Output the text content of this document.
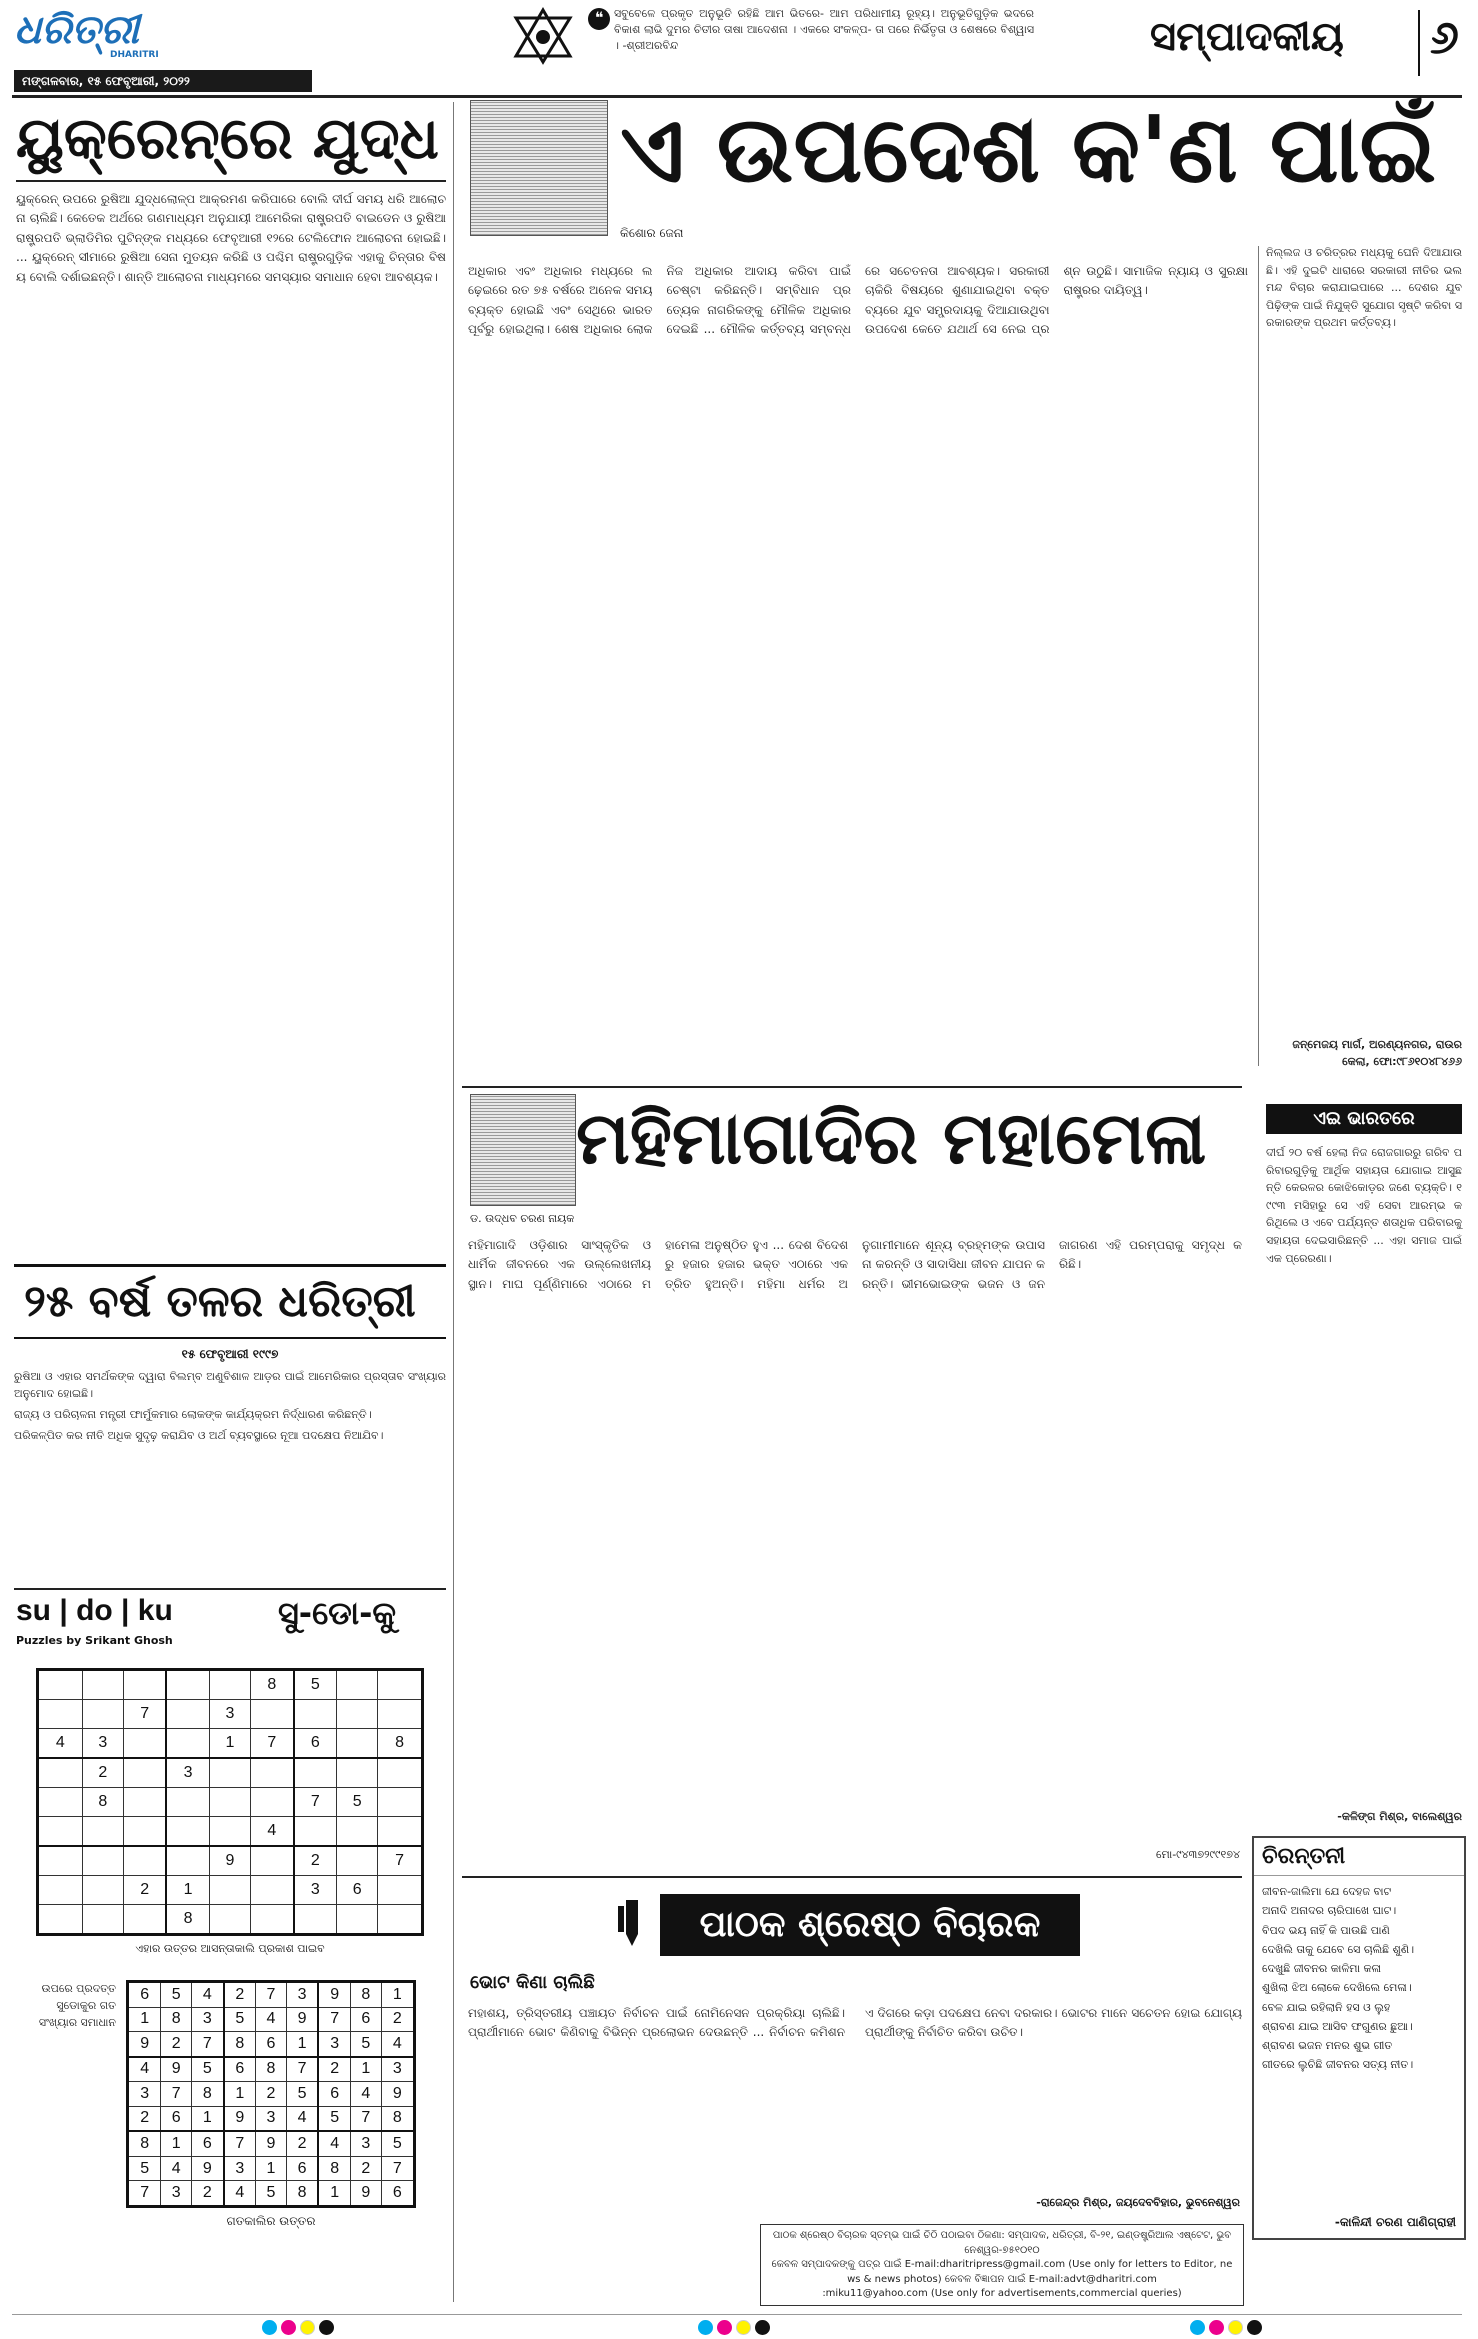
ଧରିତ୍ରୀ
DHARITRI
ମଙ୍ଗଳବାର, ୧୫ ଫେବୃଆରୀ, ୨୦୨୨
❝ ସବୁବେଳେ ପ୍ରକୃତ ଅନୁଭୂତି ରହିଛି ଆମ ଭିତରେ- ଆମ ପରିଧାମୀୟ ରୂହ୍ୟ। ଅନୁଭୂତିଗୁଡ଼ିକ ଭଦରେ ବିକାଶ ଲାଭି ଦୁମର ଚିତୀର ତାଷା ଆଦେଶନା । ଏକରେ ସଂକଳ୍ପ- ତା ପରେ ନିର୍ଭିତୃତା ଓ ଶେଷରେ ବିଶ୍ୱାସ। -ଶ୍ରୀଅରବିନ୍ଦ	ସମ୍ପାଦକୀୟ	୬
ୟୁକ୍ରେନ୍‌ରେ ଯୁଦ୍ଧ
ୟୁକ୍ରେନ୍ ଉପରେ ରୁଷିଆ ଯୁଦ୍ଧଲୋଳ୍ପ ଆକ୍ରମଣ କରିପାରେ ବୋଲି ଦୀର୍ଘ ସମୟ ଧରି ଆଲୋଚନା ଚାଲିଛି। କେତେକ ଅର୍ଥରେ ଗଣମାଧ୍ୟମ ଅନୁଯାୟୀ ଆମେରିକା ରାଷ୍ଟ୍ରପତି ବାଇଡେନ ଓ ରୁଷିଆ ରାଷ୍ଟ୍ରପତି ଭ୍ଲାଡିମିର ପୁଟିନ୍‌ଙ୍କ ମଧ୍ୟରେ ଫେବୃଆରୀ ୧୨ରେ ଟେଲିଫୋନ ଆଲୋଚନା ହୋଇଛି। ... ୟୁକ୍ରେନ୍ ସୀମାରେ ରୁଷିଆ ସେନା ମୁତୟନ କରିଛି ଓ ପଶ୍ଚିମ ରାଷ୍ଟ୍ରଗୁଡ଼ିକ ଏହାକୁ ଚିନ୍ତାର ବିଷୟ ବୋଲି ଦର୍ଶାଇଛନ୍ତି। ଶାନ୍ତି ଆଲୋଚନା ମାଧ୍ୟମରେ ସମସ୍ୟାର ସମାଧାନ ହେବା ଆବଶ୍ୟକ।
କିଶୋର ଜେନା
ଏ ଉପଦେଶ କ'ଣ ପାଇଁ
ଅଧିକାର ଏବଂ ଅଧିକାର ମଧ୍ୟରେ ଲଢ଼େଇରେ ରତ ୭୫ ବର୍ଷରେ ଅନେକ ସମୟ ବ୍ୟକ୍ତ ହୋଇଛି ଏବଂ ସେଥିରେ ଭାରତ ପୂର୍ବରୁ ହୋଇଥିଲା। ଶେଷ ଅଧିକାର ଲୋକ ନିଜ ଅଧିକାର ଆଦାୟ କରିବା ପାଇଁ ଚେଷ୍ଟା କରିଛନ୍ତି। ସମ୍ବିଧାନ ପ୍ରତ୍ୟେକ ନାଗରିକଙ୍କୁ ମୌଳିକ ଅଧିକାର ଦେଇଛି ... ମୌଳିକ କର୍ତ୍ତବ୍ୟ ସମ୍ବନ୍ଧରେ ସଚେତନତା ଆବଶ୍ୟକ। ସରକାରୀ ଚାକିରି ବିଷୟରେ ଶୁଣାଯାଇଥିବା ବକ୍ତବ୍ୟରେ ଯୁବ ସମ୍ପ୍ରଦାୟକୁ ଦିଆଯାଉଥିବା ଉପଦେଶ କେତେ ଯଥାର୍ଥ ସେ ନେଇ ପ୍ରଶ୍ନ ଉଠୁଛି। ସାମାଜିକ ନ୍ୟାୟ ଓ ସୁରକ୍ଷା ରାଷ୍ଟ୍ରର ଦାୟିତ୍ୱ।
ନିଲ୍ଲଜ ଓ ଚରିତ୍ରର ମଧ୍ୟକୁ ଘେନି ଦିଆଯାଉଛି। ଏହି ଦୁଇଟି ଧାରାରେ ସରକାରୀ ନୀତିର ଭଲ ମନ୍ଦ ବିଚାର କରାଯାଇପାରେ ... ଦେଶର ଯୁବପିଢ଼ିଙ୍କ ପାଇଁ ନିଯୁକ୍ତି ସୁଯୋଗ ସୃଷ୍ଟି କରିବା ସରକାରଙ୍କ ପ୍ରଥମ କର୍ତ୍ତବ୍ୟ।
ଜନ୍ମେଜୟ ମାର୍ଗ, ଅରଣ୍ୟନଗର, ରାଉରକେଲା, ଫୋ:୯୮୬୧୦୪୮୪୬୬
ଏଇ ଭାରତରେ
ଦୀର୍ଘ ୨୦ ବର୍ଷ ହେଲା ନିଜ ରୋଜଗାରରୁ ଗରିବ ପରିବାରଗୁଡ଼ିକୁ ଆର୍ଥିକ ସହାୟତା ଯୋଗାଇ ଆସୁଛନ୍ତି କେରଳର କୋଝିକୋଡ଼ର ଜଣେ ବ୍ୟକ୍ତି। ୧୯୯୩ ମସିହାରୁ ସେ ଏହି ସେବା ଆରମ୍ଭ କରିଥିଲେ ଓ ଏବେ ପର୍ଯ୍ୟନ୍ତ ଶତାଧିକ ପରିବାରକୁ ସହାୟତା ଦେଇସାରିଛନ୍ତି ... ଏହା ସମାଜ ପାଇଁ ଏକ ପ୍ରେରଣା।
-କଳିଙ୍ଗ ମିଶ୍ର, ବାଲେଶ୍ୱର
ଚିରନ୍ତନୀ
ଜୀବନ-ଜାଲିମା ଯେ ଦେହଜ ବାଟ
ଅନାଦି ଅନାଦର ଚାରିପାଖେ ଘାଟ।
ବିପଦ ଭୟ ନାହିଁ କି ପାଉଛି ପାଣି
ଦେଖିଲି ତାକୁ ଯେବେ ସେ ଚାଲିଛି ଶୁଣି।
ଦେଖୁଛି ଜୀବନର କାଳିମା କଳା
ଶୁଖିଲା ଝିଅ ଲୋକେ ଦେଖିଲେ ମେଳା।
ବେଳ ଯାଇ ରହିଲାନି ହସ ଓ ଲୁହ
ଶ୍ରାବଣ ଯାଇ ଆସିବ ଫଗୁଣର ଛୁଆ।
ଶ୍ରାବଣ ଭଜନ ମନର ଶୁଭ ଗୀତ
ଗୀତରେ ଲୁଚିଛି ଜୀବନର ସତ୍ୟ ନୀତ।
-କାଳିନ୍ଦୀ ଚରଣ ପାଣିଗ୍ରାହୀ
୨୫ ବର୍ଷ ତଳର ଧରିତ୍ରୀ
୧୫ ଫେବୃଆରୀ ୧୯୯୭
ରୁଷିଆ ଓ ଏହାର ସମର୍ଥକଙ୍କ ଦ୍ୱାରା ବିଲମ୍ବ ଅଣୁବିଶାଳ ଆଡ଼ର ପାଇଁ ଆମେରିକାର ପ୍ରସ୍ତାବ ସଂଖ୍ୟାର ଅନୁମୋଦ ହୋଇଛି।
ରାଜ୍ୟ ଓ ପରିଚାଳନା ମନ୍ତ୍ରୀ ଫାର୍ମୁକମାର ଲୋକଙ୍କ କାର୍ଯ୍ୟକ୍ରମ ନିର୍ଦ୍ଧାରଣ କରିଛନ୍ତି।
ପରିକଳ୍ପିତ କର ନୀତି ଅଧିକ ସୁଦୃଢ଼ କରାଯିବ ଓ ଅର୍ଥ ବ୍ୟବସ୍ଥାରେ ନୂଆ ପଦକ୍ଷେପ ନିଆଯିବ।
su | do | ku
Puzzles by Srikant Ghosh
ସୁ-ଡୋ-କୁ
					8	5		
		7		3				
4	3			1	7	6		8
	2		3					
	8					7	5	
					4			
				9		2		7
		2	1			3	6	
			8					
ଏହାର ଉତ୍ତର ଆସନ୍ତାକାଲି ପ୍ରକାଶ ପାଇବ
ଉପରେ ପ୍ରଦତ୍ତ ସୁଡୋକୁର ଗତ ସଂଖ୍ୟାର ସମାଧାନ
6	5	4	2	7	3	9	8	1
1	8	3	5	4	9	7	6	2
9	2	7	8	6	1	3	5	4
4	9	5	6	8	7	2	1	3
3	7	8	1	2	5	6	4	9
2	6	1	9	3	4	5	7	8
8	1	6	7	9	2	4	3	5
5	4	9	3	1	6	8	2	7
7	3	2	4	5	8	1	9	6
ଗତକାଲିର ଉତ୍ତର
ଡ. ଉଦ୍ଧବ ଚରଣ ନାୟକ
ମହିମାଗାଦିର ମହାମେଳା
ମହିମାଗାଦି ଓଡ଼ିଶାର ସାଂସ୍କୃତିକ ଓ ଧାର୍ମିକ ଜୀବନରେ ଏକ ଉଲ୍ଲେଖନୀୟ ସ୍ଥାନ। ମାଘ ପୂର୍ଣ୍ଣିମାରେ ଏଠାରେ ମହାମେଳା ଅନୁଷ୍ଠିତ ହୁଏ ... ଦେଶ ବିଦେଶରୁ ହଜାର ହଜାର ଭକ୍ତ ଏଠାରେ ଏକତ୍ରିତ ହୁଅନ୍ତି। ମହିମା ଧର୍ମର ଅନୁଗାମୀମାନେ ଶୂନ୍ୟ ବ୍ରହ୍ମଙ୍କ ଉପାସନା କରନ୍ତି ଓ ସାଦାସିଧା ଜୀବନ ଯାପନ କରନ୍ତି। ଭୀମଭୋଇଙ୍କ ଭଜନ ଓ ଜନଜାଗରଣ ଏହି ପରମ୍ପରାକୁ ସମୃଦ୍ଧ କରିଛି।
ମୋ-୯୪୩୭୨୯୯୧୭୪
ପାଠକ ଶ୍ରେଷ୍ଠ ବିଚାରକ
ଭୋଟ କିଣା ଚାଲିଛି
ମହାଶୟ, ତ୍ରିସ୍ତରୀୟ ପଞ୍ଚାୟତ ନିର୍ବାଚନ ପାଇଁ ନୋମିନେସନ ପ୍ରକ୍ରିୟା ଚାଲିଛି। ପ୍ରାର୍ଥୀମାନେ ଭୋଟ କିଣିବାକୁ ବିଭିନ୍ନ ପ୍ରଲୋଭନ ଦେଉଛନ୍ତି ... ନିର୍ବାଚନ କମିଶନ ଏ ଦିଗରେ କଡ଼ା ପଦକ୍ଷେପ ନେବା ଦରକାର। ଭୋଟର ମାନେ ସଚେତନ ହୋଇ ଯୋଗ୍ୟ ପ୍ରାର୍ଥୀଙ୍କୁ ନିର୍ବାଚିତ କରିବା ଉଚିତ।
-ରାଜେନ୍ଦ୍ର ମିଶ୍ର, ଜୟଦେବବିହାର, ଭୁବନେଶ୍ୱର
ପାଠକ ଶ୍ରେଷ୍ଠ ବିଚାରକ ସ୍ତମ୍ଭ ପାଇଁ ଚିଠି ପଠାଇବା ଠିକଣା: ସମ୍ପାଦକ, ଧରିତ୍ରୀ, ବି-୨୧, ଇଣ୍ଡଷ୍ଟ୍ରିଆଲ ଏଷ୍ଟେଟ, ଭୁବନେଶ୍ୱର-୭୫୧୦୧୦
କେବଳ ସମ୍ପାଦକଙ୍କୁ ପତ୍ର ପାଇଁ E-mail:dharitripress@gmail.com (Use only for letters to Editor, news & news photos) କେବଳ ବିଜ୍ଞାପନ ପାଇଁ E-mail:advt@dharitri.com
:miku11@yahoo.com (Use only for advertisements,commercial queries)
